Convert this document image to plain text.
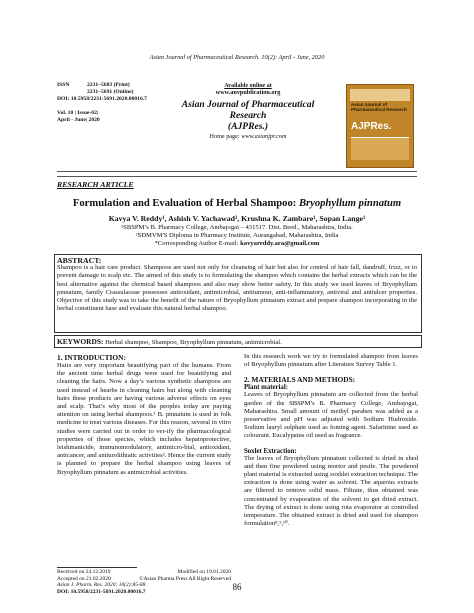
Asian Journal of Pharmaceutical Research. 10(2): April - June, 2020
ISSN	2231–5683 (Print)
2231–5691 (Online)
DOI: 10.5958/2231-5691.2020.00016.7
Vol. 10 | Issue-02|
April - June| 2020
Available online at
www.anvpublication.org
Asian Journal of Pharmaceutical Research
(AJPRes.)
Home page: www.asianjpr.com
Asian Journal of Pharmaceutical Research
AJPRes.
RESEARCH ARTICLE
Formulation and Evaluation of Herbal Shampoo: Bryophyllum pinnatum
Kavya V. Reddy¹, Ashish V. Yachawad², Krushna K. Zambare¹, Sopan Lange¹
¹SBSPM’s B. Pharmacy College, Ambajogai – 431517. Dist. Beed., Maharashtra, India.
²SDMVM'S Diploma in Pharmacy Institute, Aurangabad, Maharashtra, India
*Corresponding Author E-mail: kavyareddy.ara@gmail.com
ABSTRACT:
Shampoo is a hair care product. Shampoos are used not only for cleansing of hair but also for control of hair fall, dandruff, frizz, or to prevent damage to scalp etc. The aimed of this study is to formulating the shampoo which contains the herbal extracts which can be the best alternative against the chemical based shampoos and also may show better safety. In this study we used leaves of Bryophyllum pinnatum, family Crassulaceae possesses antioxidant, antimicrobial, antitumour, anti-inflammatory, antiviral and antiulcer properties. Objective of this study was to take the benefit of the nature of Bryophyllum pinnatum extract and prepare shampoo incorporating in the herbal constituent base and evaluate this natural herbal shampoo.
KEYWORDS: Herbal shampoo, Shampoo, Bryophyllum pinnatum, antimicrobial.
1. INTRODUCTION:
Hairs are very important beautifying part of the humans. From the ancient time herbal drugs were used for beautifying and cleaning the hairs. Now a day’s various synthetic shampoos are used instead of hearbs in cleaning hairs but along with cleaning hairs these products are having various adverse effects on eyes and scalp. That’s why most of the peoples today are paying attention on using herbal shampoos.¹ B. pinnatum is used in folk medicine to treat various diseases. For this reason, several in vitro studies were carried out in order to ver-ify the pharmacological properties of those species, which includes hepatoprotective, leishmanicide, immunomodulatory, antimicro-bial, antioxidant, anticancer, and antiurolithiatic activities². Hence the current study is planned to prepare the herbal shampoo using leaves of Bryophyllum pinnatum as antmicrobial activities.
In this research work we try to formulated shampoo from leaves of Bryophyllum pinnatum after Literature Survey Table 1.
2. MATERIALS AND METHODS:
Plant material:
Leaves of Bryophyllum pinnatum are collected from the herbal garden of the SBSPM’s B. Pharmacy College, Ambajogai, Maharashtra. Small amount of methyl paraben was added as a preservative and pH was adjusted with Sodium Hudroxide. Sodium lauryl sulphate used as foming agent. Safarinine used as colourant. Eucalypatus oil used as fragrance.
Soxlet Extraction:
The leaves of Bryophyllum pinnatum collected is dried in shed and then fine powdered using mortor and pestle. The powdered plant material is extracted using soxhlet extraction technique. The extraction is done using water as solvent. The aqueous extracts are filtered to remove solid mass. Filtrate, thus obtained was concentrated by evaporation of the solvent to get dried extract. The drying of extract is done using rota evaporator at controlled temperature. The obtained extract is dried and used for shampoo formulation⁸,⁹,¹⁰.
Received on 24.12.2019	Modified on 19.01.2020
Accepted on 21.02.2020	©Asian Pharma Press All Right Reserved
Asian J. Pharm. Res. 2020; 10(2):85-88.
DOI: 10.5958/2231-5691.2020.00016.7	86
